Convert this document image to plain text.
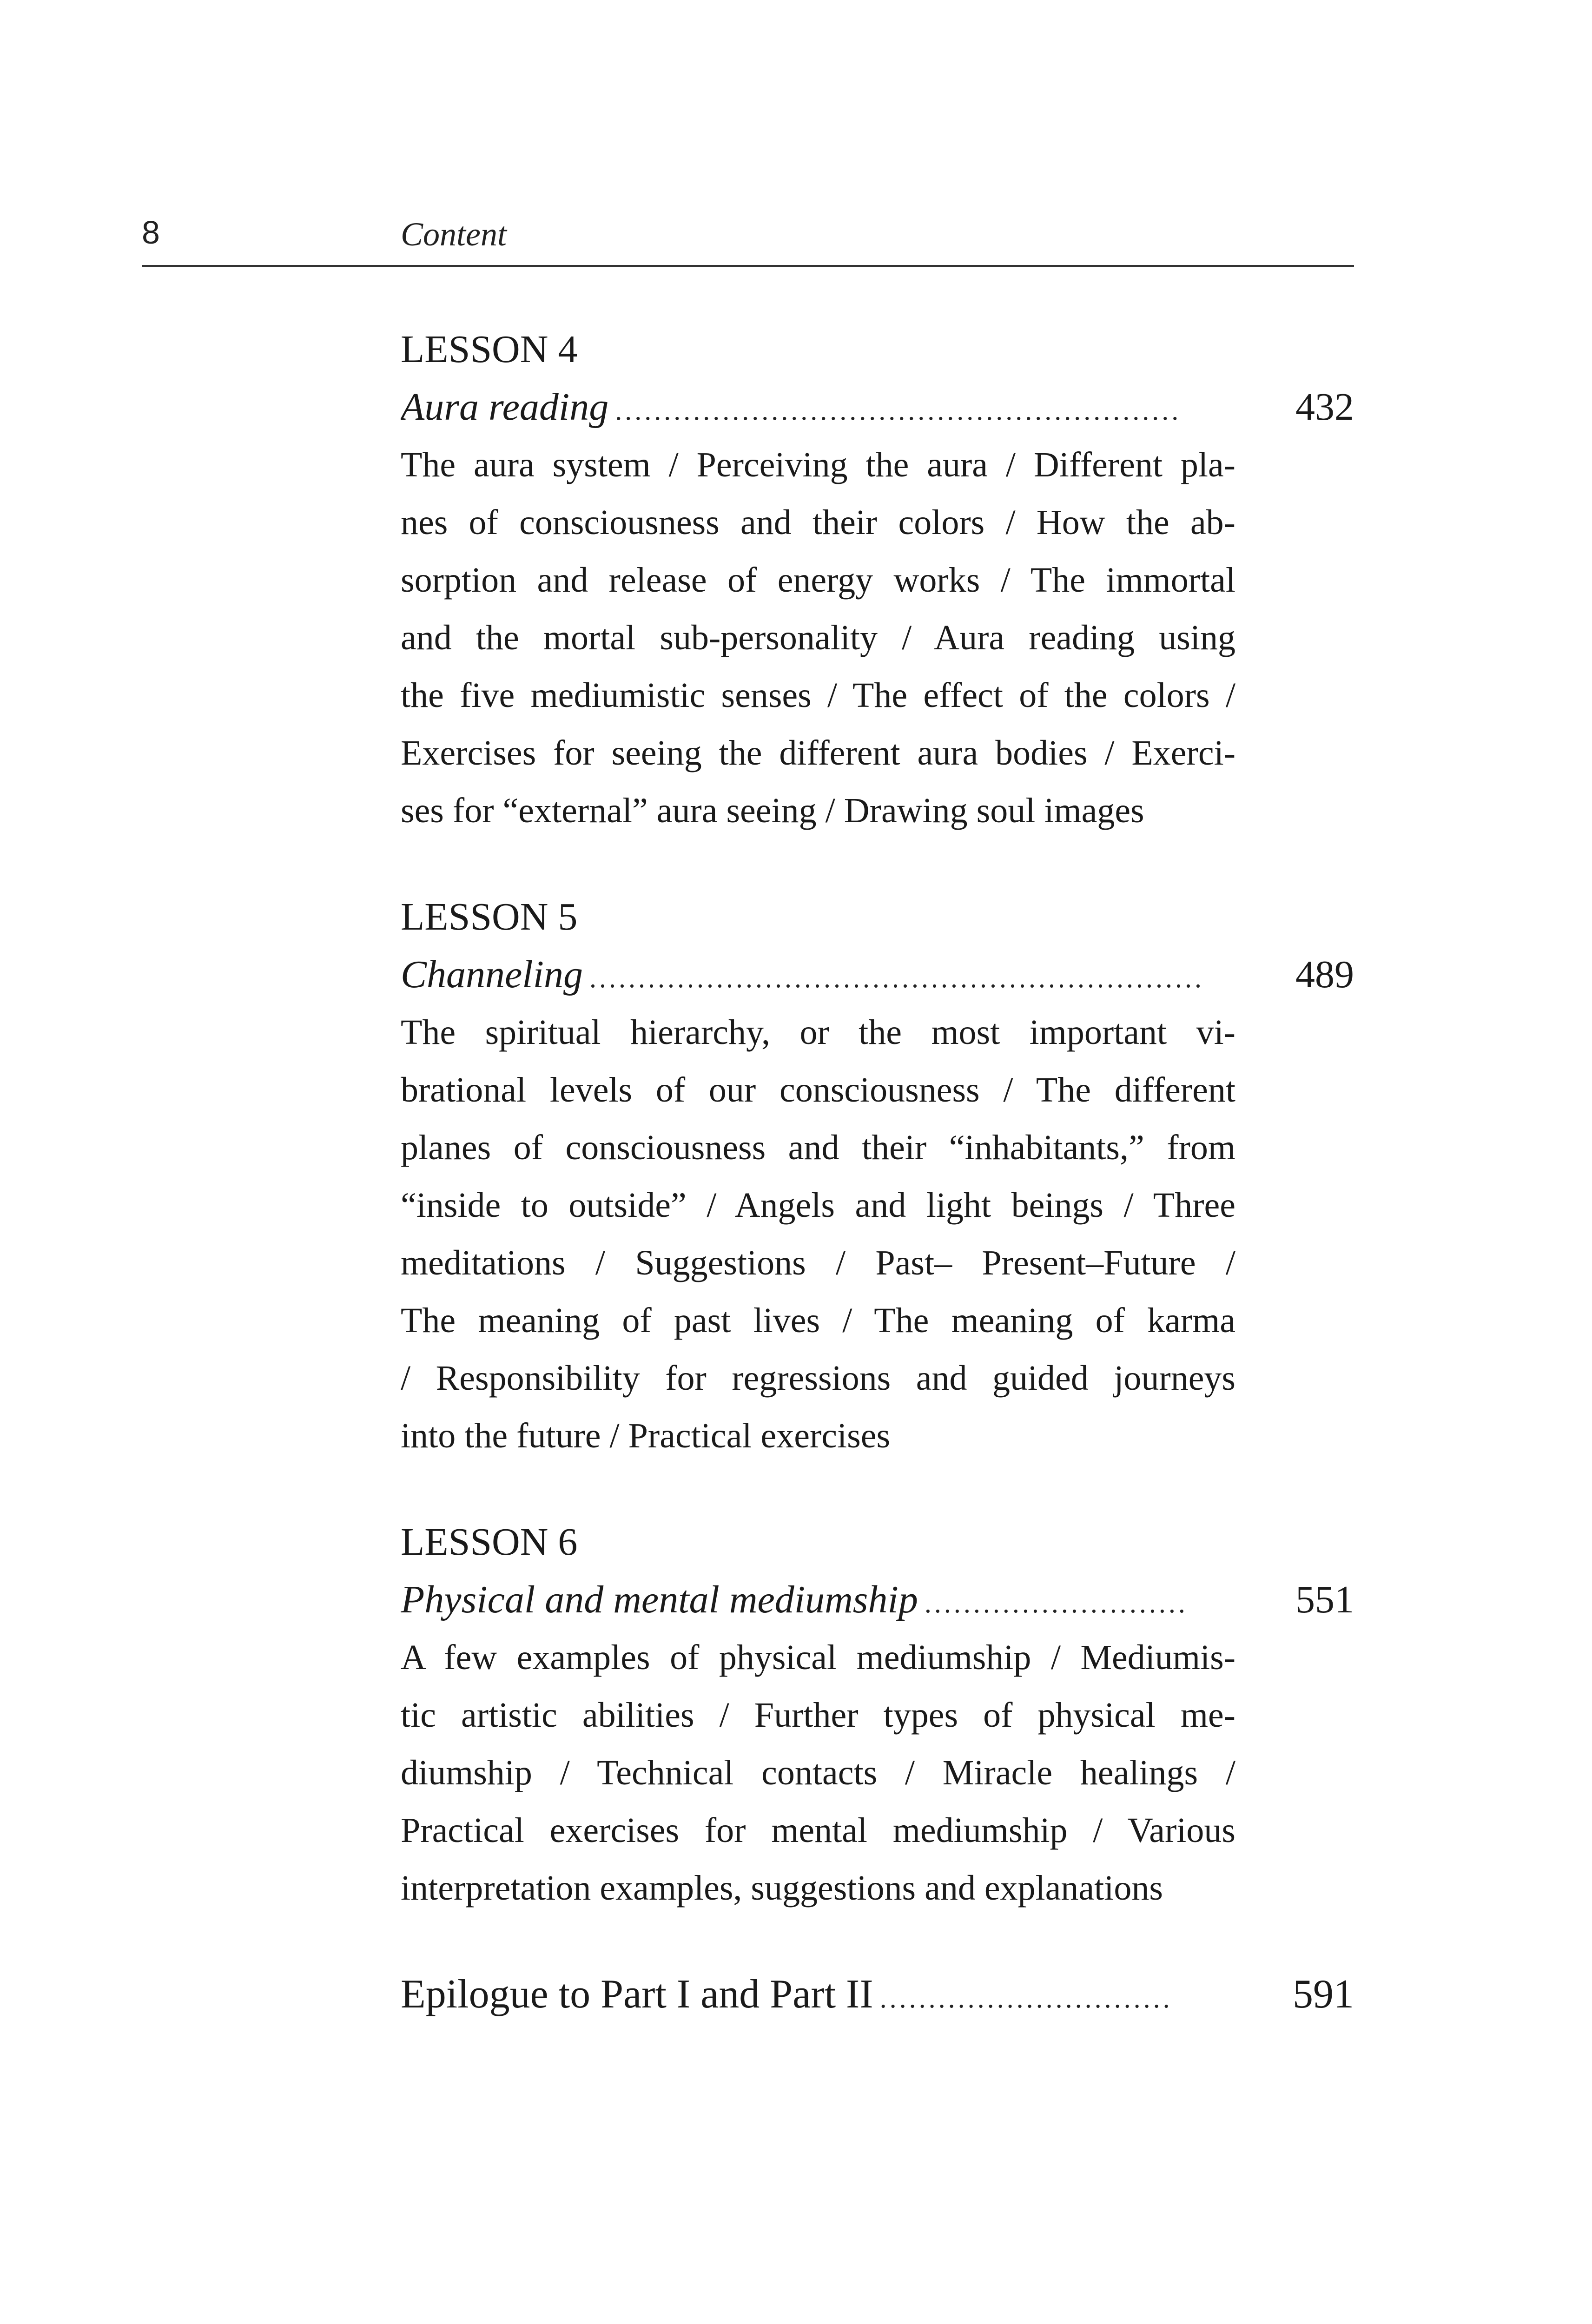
8	Content
LESSON 4
Aura reading ..........................................................	432
The aura system / Perceiving the aura / Different pla-
nes of consciousness and their colors / How the ab-
sorption and release of energy works / The immortal
and the mortal sub-personality / Aura reading using
the five mediumistic senses / The effect of the colors /
Exercises for seeing the different aura bodies / Exerci-
ses for “external” aura seeing / Drawing soul images
LESSON 5
Channeling ...............................................................	489
The spiritual hierarchy, or the most important vi-
brational levels of our consciousness / The different
planes of consciousness and their “inhabitants,” from
“inside to outside” / Angels and light beings / Three
meditations / Suggestions / Past– Present–Future /
The meaning of past lives / The meaning of karma
/ Responsibility for regressions and guided journeys
into the future / Practical exercises
LESSON 6
Physical and mental mediumship ...........................	551
A few examples of physical mediumship / Mediumis-
tic artistic abilities / Further types of physical me-
diumship / Technical contacts / Miracle healings /
Practical exercises for mental mediumship / Various
interpretation examples, suggestions and explanations
Epilogue to Part I and Part II ..............................	591
